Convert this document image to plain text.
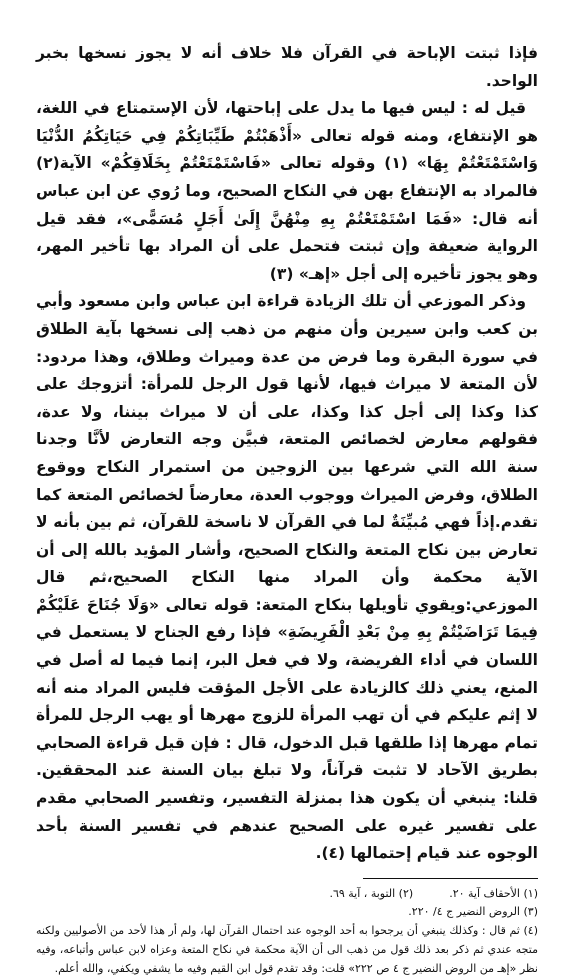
فإذا ثبتت الإباحة في القرآن فلا خلاف أنه لا يجوز نسخها بخبر الواحد.

قيل له : ليس فيها ما يدل على إباحتها، لأن الإستمتاع في اللغة، هو الإنتفاع، ومنه قوله تعالى «أَذْهَبْتُمْ طَيِّبَاتِكُمْ فِي حَيَاتِكُمُ الدُّنْيَا وَاسْتَمْتَعْتُمْ بِهَا» (١) وقوله تعالى «فَاسْتَمْتَعْتُمْ بِخَلَاقِكُمْ» الآية(٢) فالمراد به الإنتفاع بهن في النكاح الصحيح، وما رُوي عن ابن عباس أنه قال: «فَمَا اسْتَمْتَعْتُمْ بِهِ مِنْهُنَّ إِلَىٰ أَجَلٍ مُسَمًّى»، فقد قيل الرواية ضعيفة وإن ثبتت فتحمل على أن المراد بها تأخير المهر، وهو يجوز تأخيره إلى أجل «إهـ» (٣)

وذكر الموزعي أن تلك الزيادة قراءة ابن عباس وابن مسعود وأبي بن كعب وابن سيرين وأن منهم من ذهب إلى نسخها بآية الطلاق في سورة البقرة وما فرض من عدة وميراث وطلاق، وهذا مردود: لأن المتعة لا ميراث فيها، لأنها قول الرجل للمرأة: أتزوجك على كذا وكذا إلى أجل كذا وكذا، على أن لا ميراث بيننا، ولا عدة، فقولهم معارض لخصائص المتعة، فبيَّن وجه التعارض لأنَّا وجدنا سنة الله التي شرعها بين الزوجين من استمرار النكاح ووقوع الطلاق، وفرض الميراث ووجوب العدة، معارضاً لخصائص المتعة كما تقدم.إذاً فهي مُبيِّنَةٌ لما في القرآن لا ناسخة للقرآن، ثم بين بأنه لا تعارض بين نكاح المتعة والنكاح الصحيح، وأشار المؤيد بالله إلى أن الآية محكمة وأن المراد منها النكاح الصحيح،ثم قال الموزعي:ويقوي تأويلها بنكاح المتعة: قوله تعالى «وَلَا جُنَاحَ عَلَيْكُمْ فِيمَا تَرَاضَيْتُمْ بِهِ مِنْ بَعْدِ الْفَرِيضَةِ» فإذا رفع الجناح لا يستعمل في اللسان في أداء الفريضة، ولا في فعل البر، إنما فيما له أصل في المنع، يعني ذلك كالزيادة على الأجل المؤقت فليس المراد منه أنه لا إثم عليكم في أن تهب المرأة للزوج مهرها أو يهب الرجل للمرأة تمام مهرها إذا طلقها قبل الدخول، قال : فإن قيل قراءة الصحابي بطريق الآحاد لا تثبت قرآناً، ولا تبلغ بيان السنة عند المحققين. قلنا: ينبغي أن يكون هذا بمنزلة التفسير، وتفسير الصحابي مقدم على تفسير غيره على الصحيح عندهم في تفسير السنة بأحد الوجوه عند قيام إحتمالها (٤).

(١) الأحقاف آية ٢٠.
(٢) التوبة ، آية ٦٩.

(٣) الروض النضير ج ٤/ ٢٢٠.

(٤) ثم قال : وكذلك ينبغي أن يرجحوا به أحد الوجوه عند احتمال القرآن لها، ولم أر هذا لأحد من الأصوليين ولكنه متجه عندي ثم ذكر بعد ذلك قول من ذهب الى أن الآية محكمة في نكاح المتعة وعزاه لابن عباس وأتباعه، وفيه نظر «إهـ من الروض النضير ج ٤ ص ٢٢٢» قلت: وقد تقدم قول ابن القيم وفيه ما يشفي ويكفي، والله أعلم.
